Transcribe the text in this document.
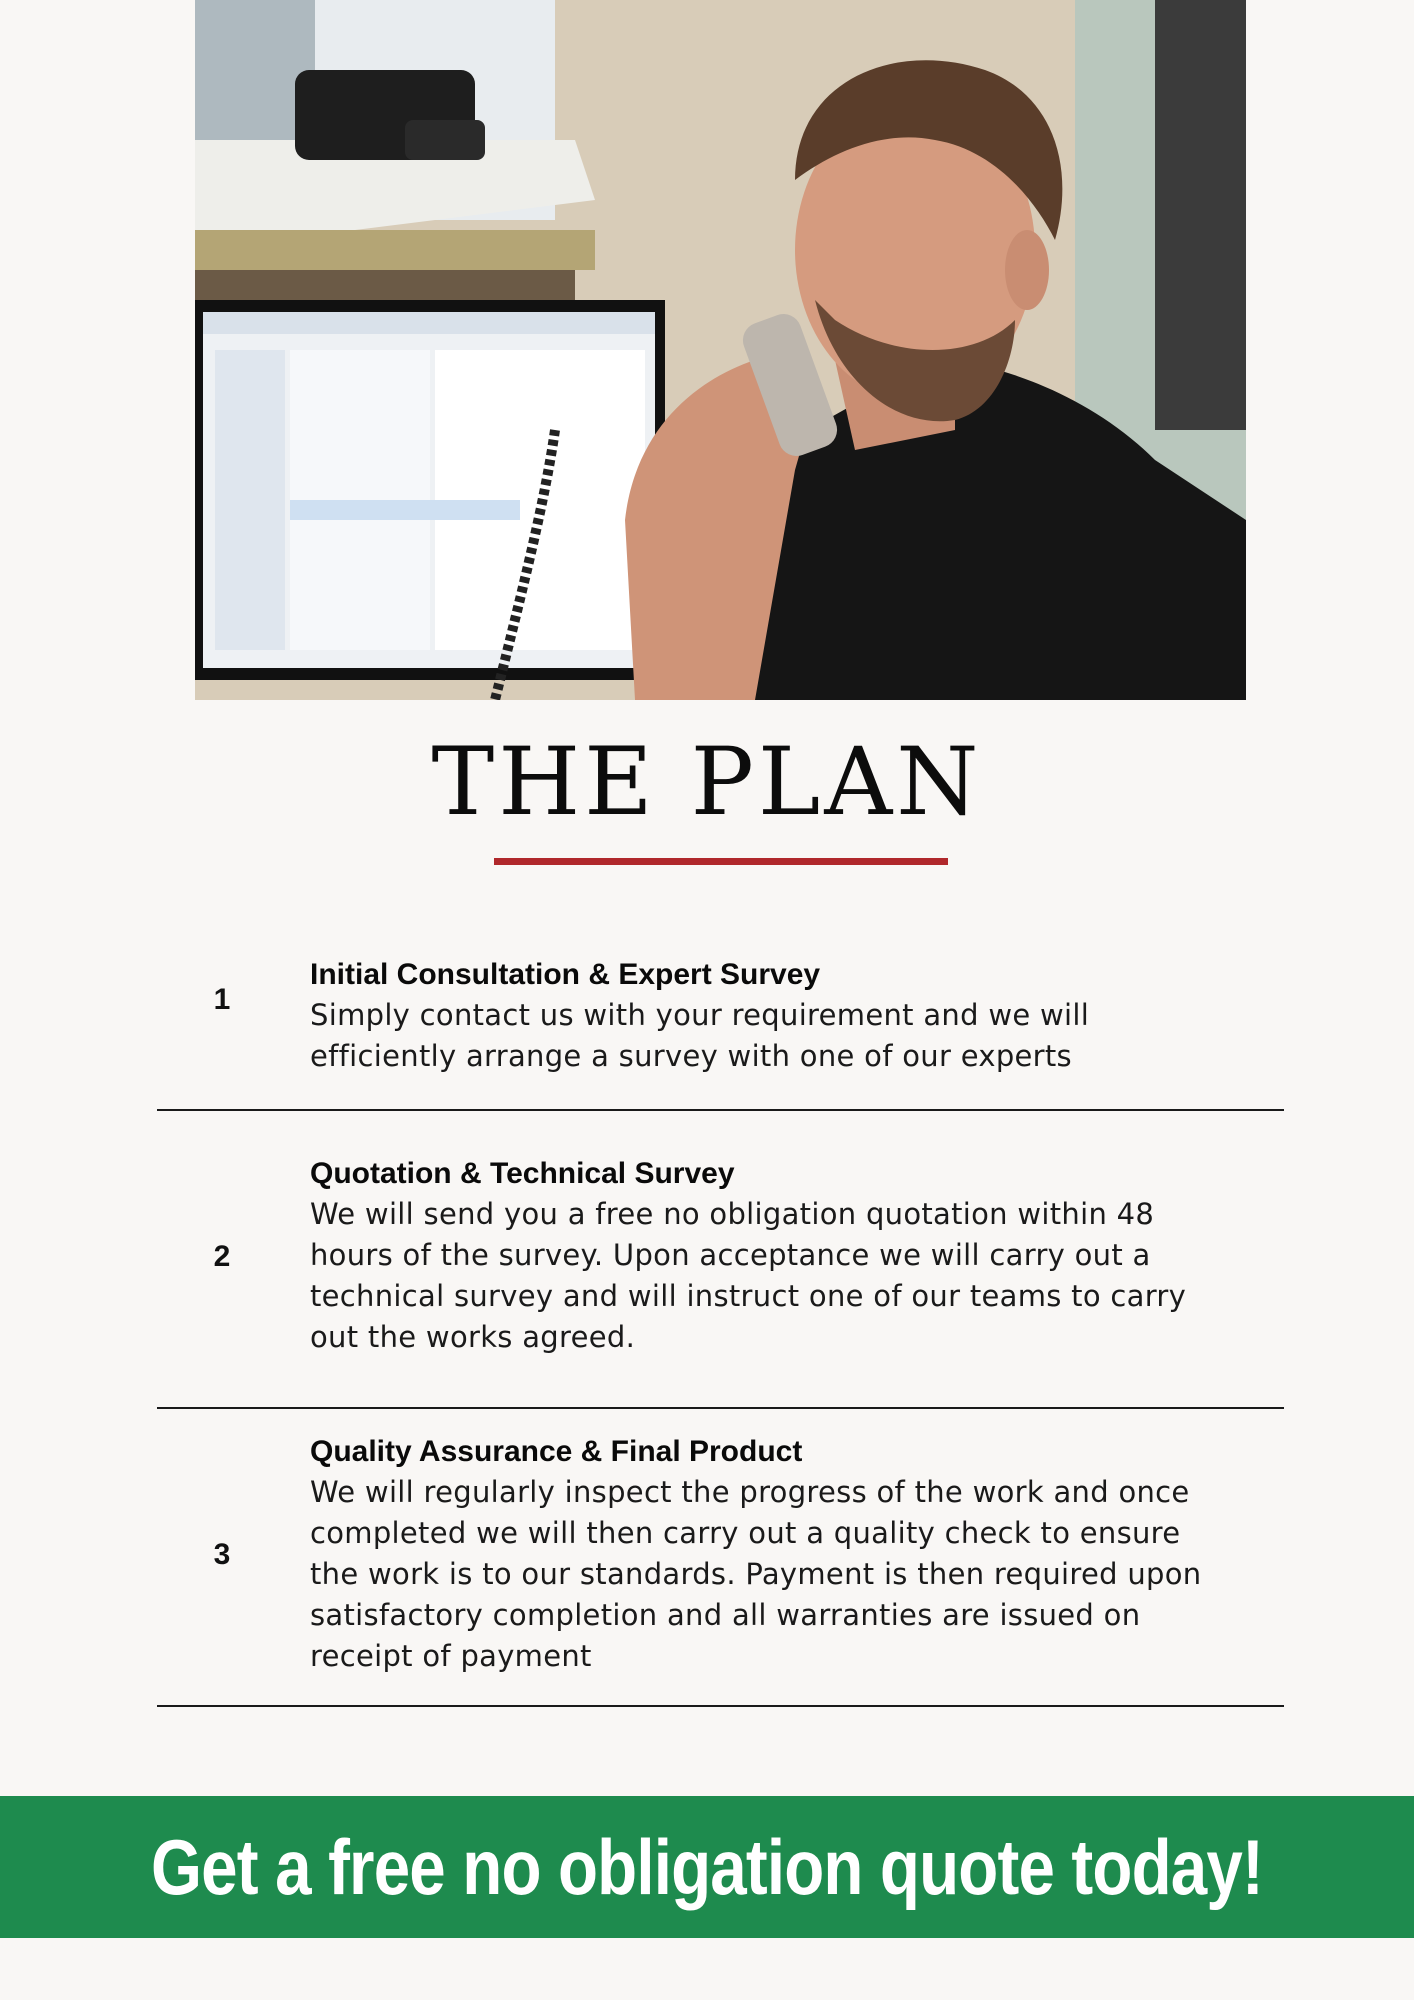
THE PLAN
1
Initial Consultation & Expert Survey
Simply contact us with your requirement and we will
efficiently arrange a survey with one of our experts
2
Quotation & Technical Survey
We will send you a free no obligation quotation within 48
hours of the survey. Upon acceptance we will carry out a
technical survey and will instruct one of our teams to carry
out the works agreed.
3
Quality Assurance & Final Product
We will regularly inspect the progress of the work and once
completed we will then carry out a quality check to ensure
the work is to our standards. Payment is then required upon
satisfactory completion and all warranties are issued on
receipt of payment
Get a free no obligation quote today!
